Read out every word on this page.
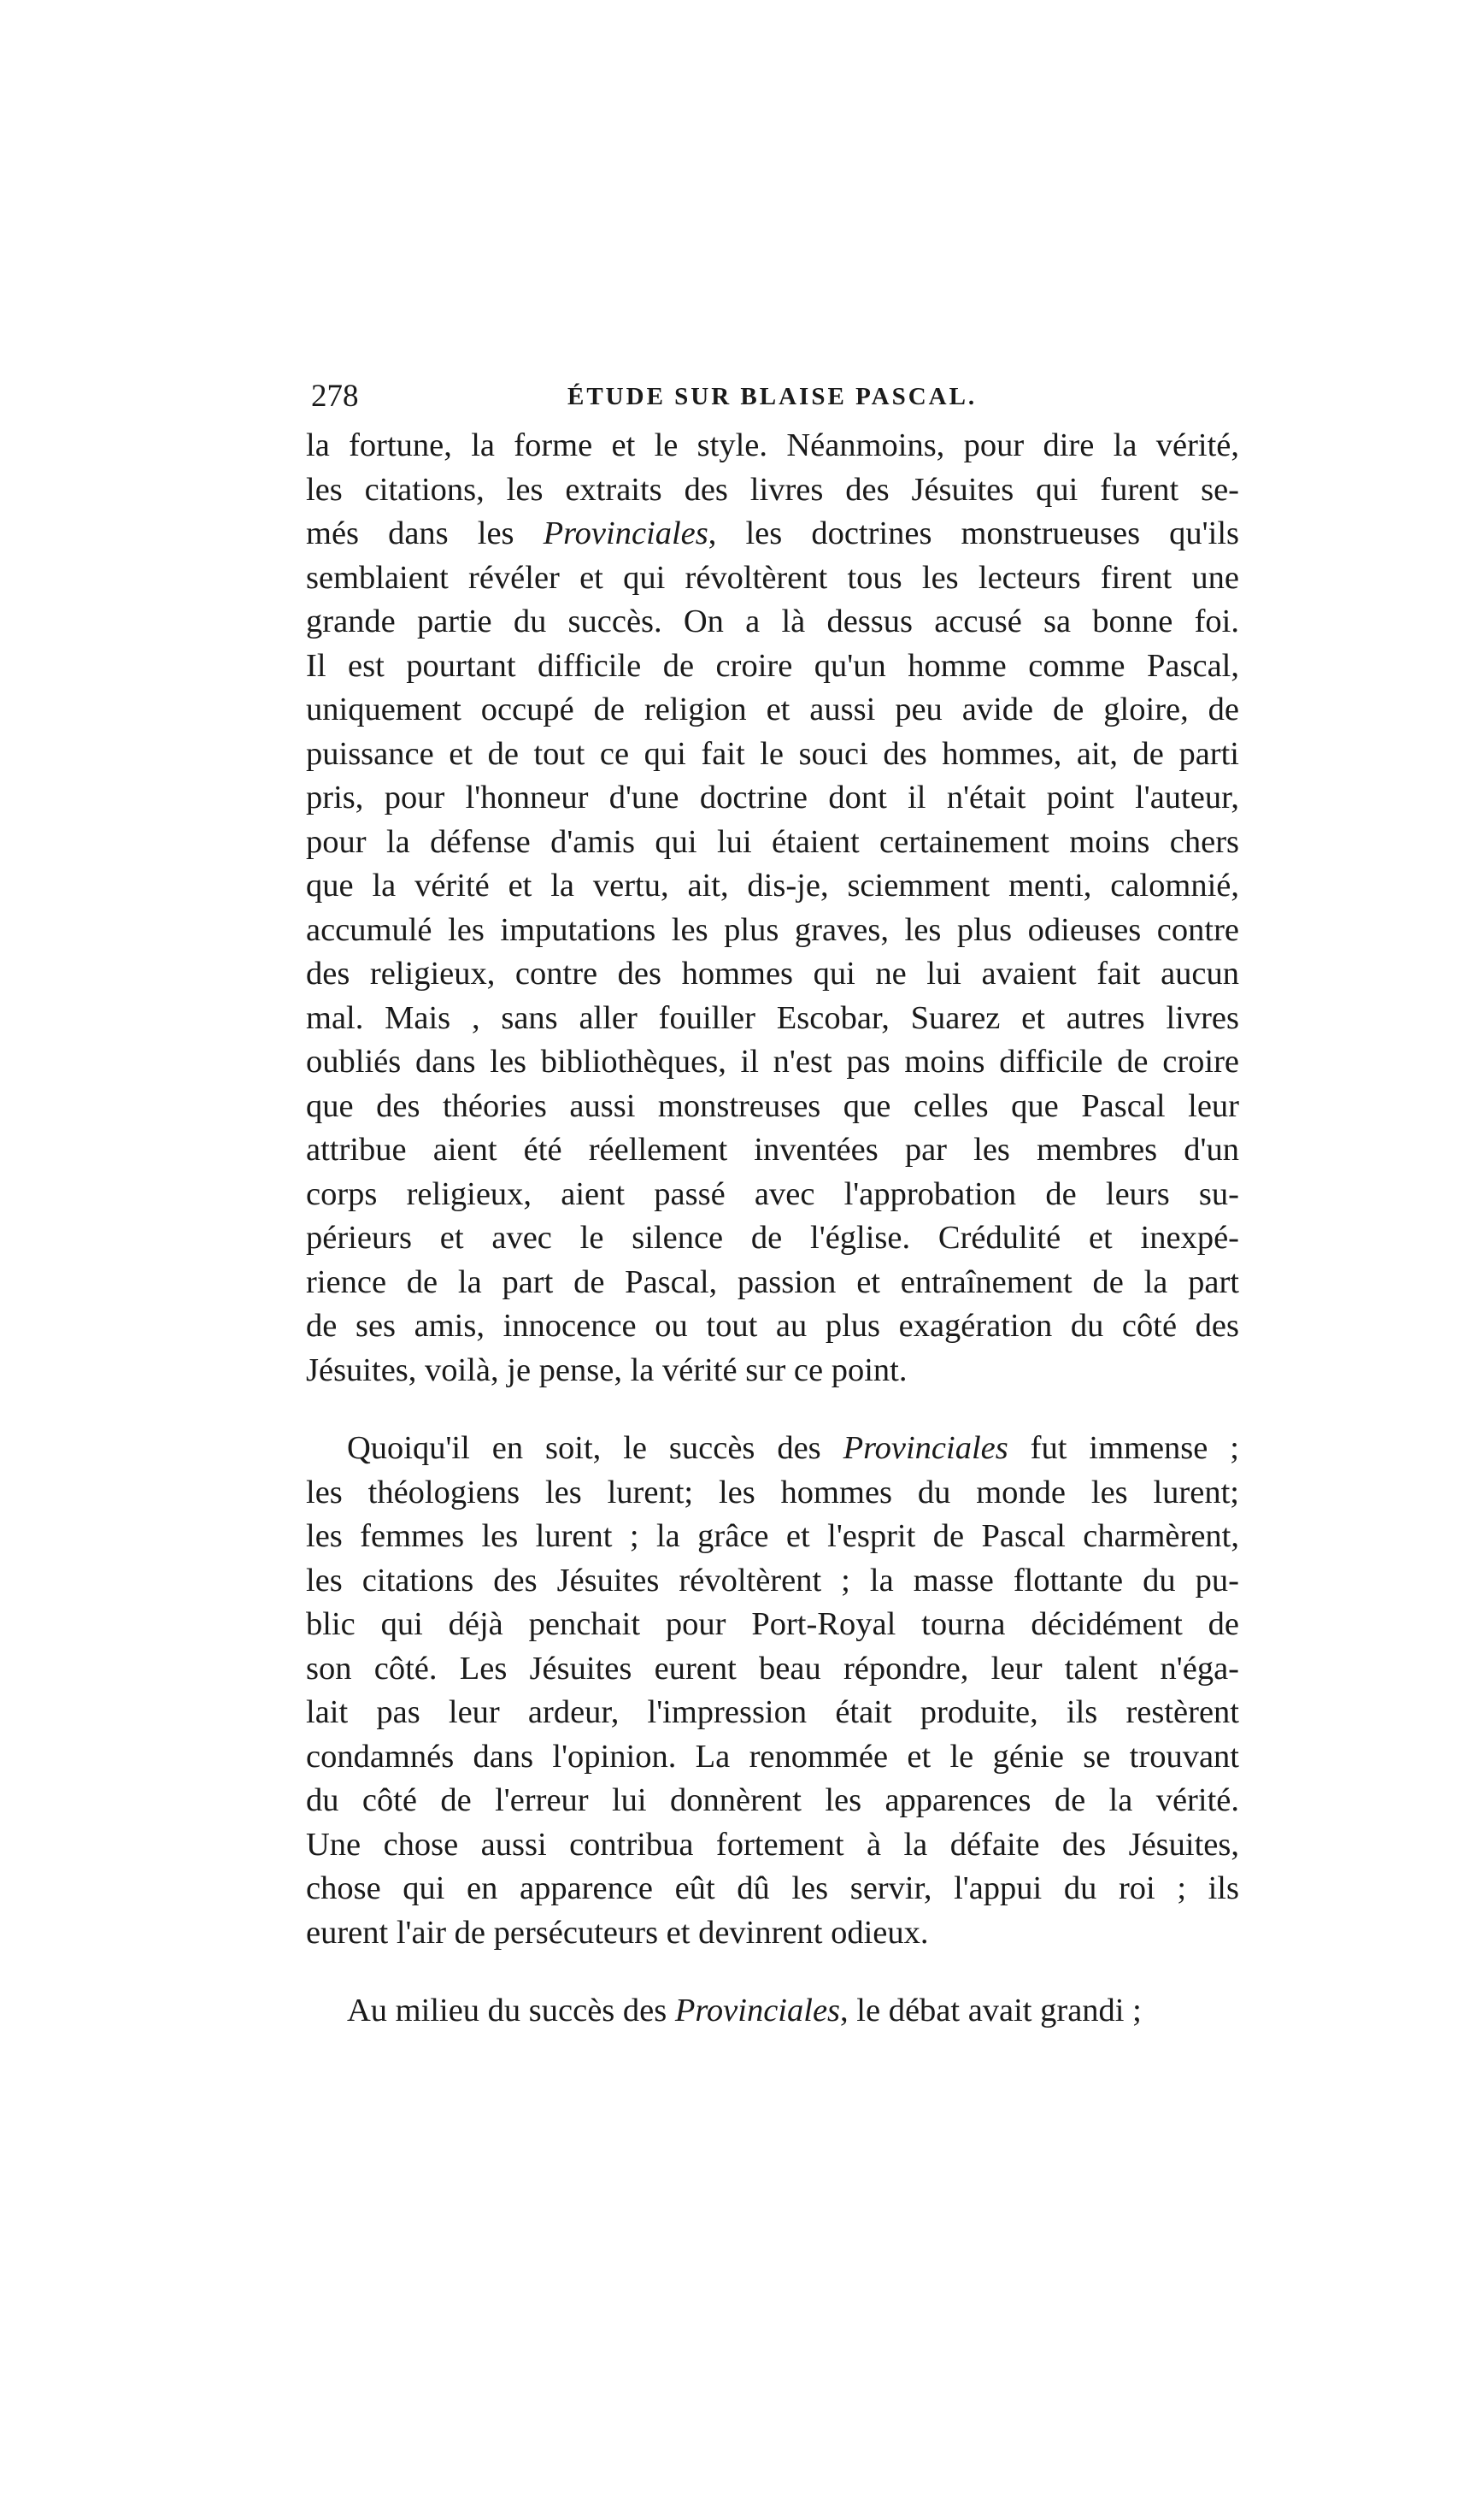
278	ÉTUDE SUR BLAISE PASCAL.
la fortune, la forme et le style. Néanmoins, pour dire la vérité,
les citations, les extraits des livres des Jésuites qui furent se-
més dans les Provinciales, les doctrines monstrueuses qu'ils
semblaient révéler et qui révoltèrent tous les lecteurs firent une
grande partie du succès. On a là dessus accusé sa bonne foi.
Il est pourtant difficile de croire qu'un homme comme Pascal,
uniquement occupé de religion et aussi peu avide de gloire, de
puissance et de tout ce qui fait le souci des hommes, ait, de parti
pris, pour l'honneur d'une doctrine dont il n'était point l'auteur,
pour la défense d'amis qui lui étaient certainement moins chers
que la vérité et la vertu, ait, dis-je, sciemment menti, calomnié,
accumulé les imputations les plus graves, les plus odieuses contre
des religieux, contre des hommes qui ne lui avaient fait aucun
mal. Mais , sans aller fouiller Escobar, Suarez et autres livres
oubliés dans les bibliothèques, il n'est pas moins difficile de croire
que des théories aussi monstreuses que celles que Pascal leur
attribue aient été réellement inventées par les membres d'un
corps religieux, aient passé avec l'approbation de leurs su-
périeurs et avec le silence de l'église. Crédulité et inexpé-
rience de la part de Pascal, passion et entraînement de la part
de ses amis, innocence ou tout au plus exagération du côté des
Jésuites, voilà, je pense, la vérité sur ce point.
Quoiqu'il en soit, le succès des Provinciales fut immense ;
les théologiens les lurent; les hommes du monde les lurent;
les femmes les lurent ; la grâce et l'esprit de Pascal charmèrent,
les citations des Jésuites révoltèrent ; la masse flottante du pu-
blic qui déjà penchait pour Port-Royal tourna décidément de
son côté. Les Jésuites eurent beau répondre, leur talent n'éga-
lait pas leur ardeur, l'impression était produite, ils restèrent
condamnés dans l'opinion. La renommée et le génie se trouvant
du côté de l'erreur lui donnèrent les apparences de la vérité.
Une chose aussi contribua fortement à la défaite des Jésuites,
chose qui en apparence eût dû les servir, l'appui du roi ; ils
eurent l'air de persécuteurs et devinrent odieux.
Au milieu du succès des Provinciales, le débat avait grandi ;
